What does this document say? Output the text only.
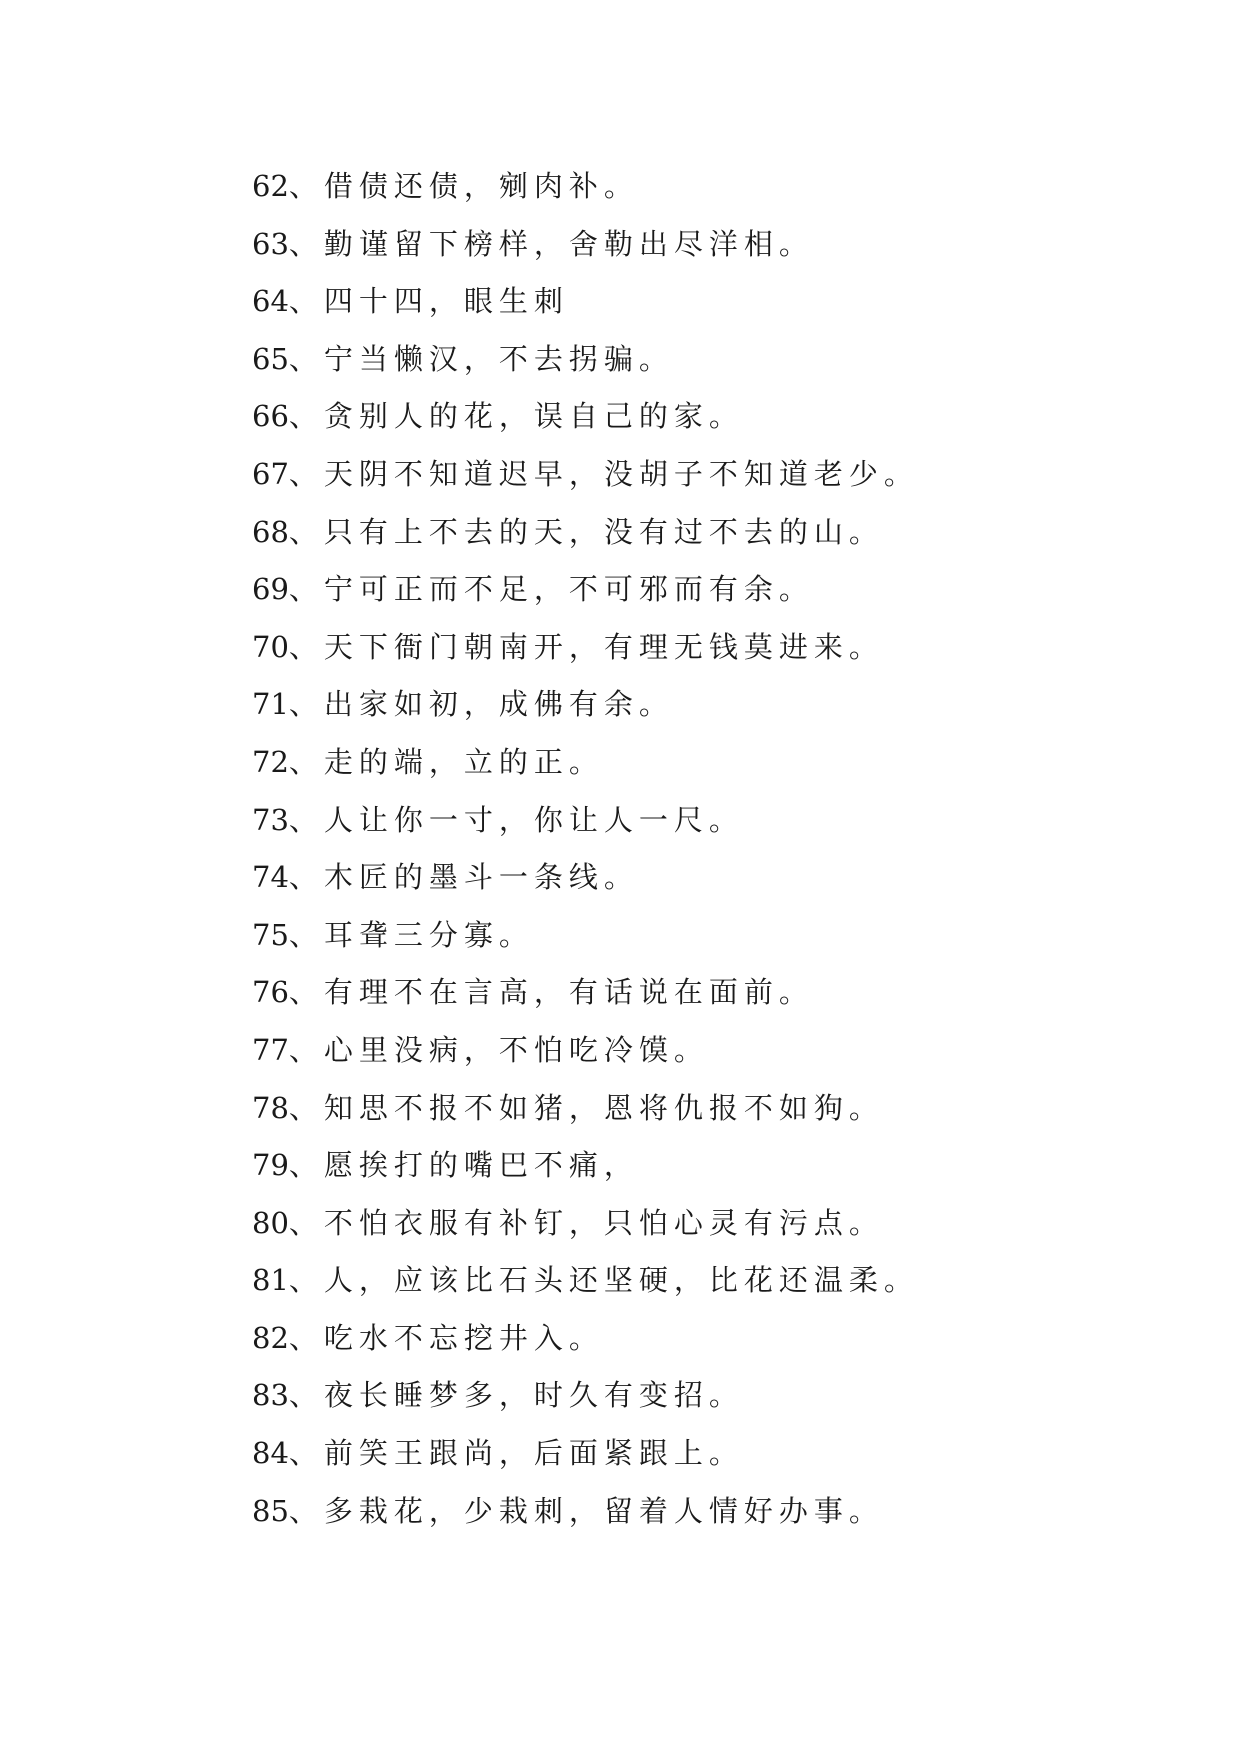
62、借债还债，剜肉补。
63、勤谨留下榜样，舍勒出尽洋相。
64、四十四，眼生刺
65、宁当懒汉，不去拐骗。
66、贪别人的花，误自己的家。
67、天阴不知道迟早，没胡子不知道老少。
68、只有上不去的天，没有过不去的山。
69、宁可正而不足，不可邪而有余。
70、天下衙门朝南开，有理无钱莫进来。
71、出家如初，成佛有余。
72、走的端，立的正。
73、人让你一寸，你让人一尺。
74、木匠的墨斗一条线。
75、耳聋三分寡。
76、有理不在言高，有话说在面前。
77、心里没病，不怕吃冷馍。
78、知思不报不如猪，恩将仇报不如狗。
79、愿挨打的嘴巴不痛，
80、不怕衣服有补钉，只怕心灵有污点。
81、人，应该比石头还坚硬，比花还温柔。
82、吃水不忘挖井入。
83、夜长睡梦多，时久有变招。
84、前笑王跟尚，后面紧跟上。
85、多栽花，少栽刺，留着人情好办事。
